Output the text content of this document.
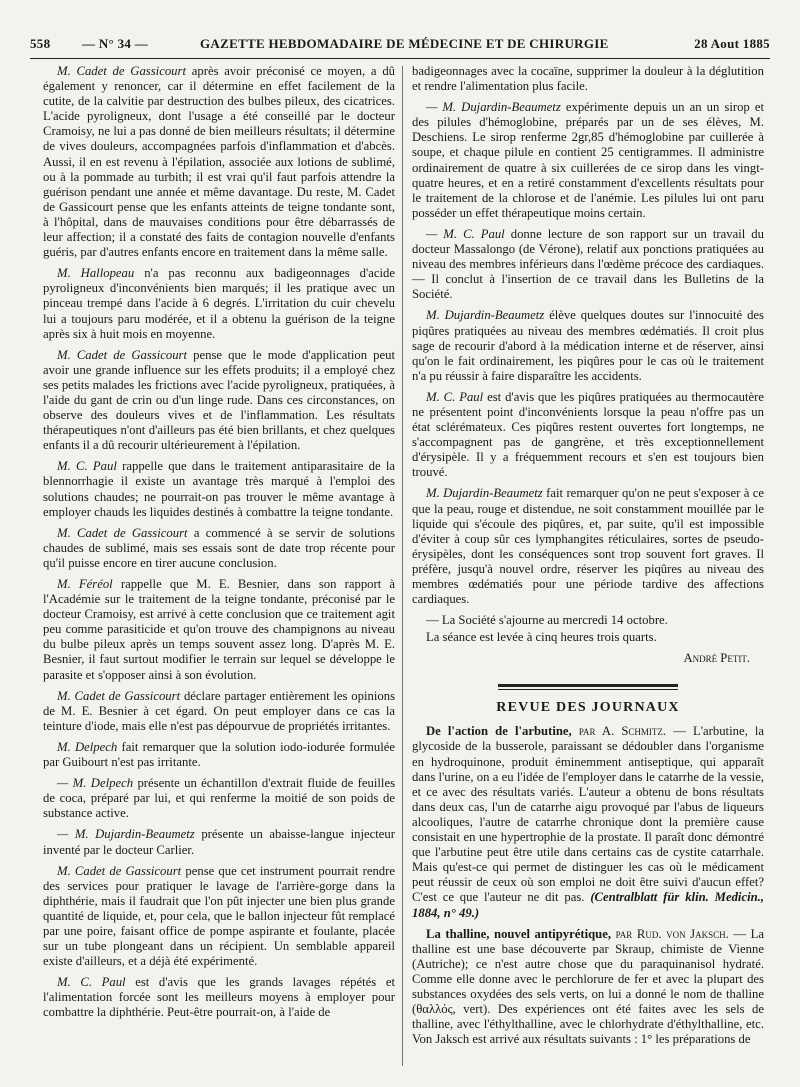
558 — N° 34 —	GAZETTE HEBDOMADAIRE DE MÉDECINE ET DE CHIRURGIE	28 Aout 1885

M. Cadet de Gassicourt après avoir préconisé ce moyen, a dû également y renoncer, car il détermine en effet facilement de la cutite, de la calvitie par destruction des bulbes pileux, des cicatrices. L'acide pyroligneux, dont l'usage a été conseillé par le docteur Cramoisy, ne lui a pas donné de bien meilleurs résultats; il détermine de vives douleurs, accompagnées parfois d'inflammation et d'abcès. Aussi, il en est revenu à l'épilation, associée aux lotions de sublimé, ou à la pommade au turbith; il est vrai qu'il faut parfois attendre la guérison pendant une année et même davantage. Du reste, M. Cadet de Gassicourt pense que les enfants atteints de teigne tondante sont, à l'hôpital, dans de mauvaises conditions pour être débarrassés de leur affection; il a constaté des faits de contagion nouvelle d'enfants guéris, par d'autres enfants encore en traitement dans la même salle.

M. Hallopeau n'a pas reconnu aux badigeonnages d'acide pyroligneux d'inconvénients bien marqués; il les pratique avec un pinceau trempé dans l'acide à 6 degrés. L'irritation du cuir chevelu lui a toujours paru modérée, et il a obtenu la guérison de la teigne après six à huit mois en moyenne.

M. Cadet de Gassicourt pense que le mode d'application peut avoir une grande influence sur les effets produits; il a employé chez ses petits malades les frictions avec l'acide pyroligneux, pratiquées, à l'aide du gant de crin ou d'un linge rude. Dans ces circonstances, on observe des douleurs vives et de l'inflammation. Les résultats thérapeutiques n'ont d'ailleurs pas été bien brillants, et chez quelques enfants il a dû recourir ultérieurement à l'épilation.

M. C. Paul rappelle que dans le traitement antiparasitaire de la blennorrhagie il existe un avantage très marqué à l'emploi des solutions chaudes; ne pourrait-on pas trouver le même avantage à employer chauds les liquides destinés à combattre la teigne tondante.

M. Cadet de Gassicourt a commencé à se servir de solutions chaudes de sublimé, mais ses essais sont de date trop récente pour qu'il puisse encore en tirer aucune conclusion.

M. Féréol rappelle que M. E. Besnier, dans son rapport à l'Académie sur le traitement de la teigne tondante, préconisé par le docteur Cramoisy, est arrivé à cette conclusion que ce traitement agit peu comme parasiticide et qu'on trouve des champignons au niveau du bulbe pileux après un temps souvent assez long. D'après M. E. Besnier, il faut surtout modifier le terrain sur lequel se développe le parasite et s'opposer ainsi à son évolution.

M. Cadet de Gassicourt déclare partager entièrement les opinions de M. E. Besnier à cet égard. On peut employer dans ce cas la teinture d'iode, mais elle n'est pas dépourvue de propriétés irritantes.

M. Delpech fait remarquer que la solution iodo-iodurée formulée par Guibourt n'est pas irritante.

— M. Delpech présente un échantillon d'extrait fluide de feuilles de coca, préparé par lui, et qui renferme la moitié de son poids de substance active.

— M. Dujardin-Beaumetz présente un abaisse-langue injecteur inventé par le docteur Carlier.

M. Cadet de Gassicourt pense que cet instrument pourrait rendre des services pour pratiquer le lavage de l'arrière-gorge dans la diphthérie, mais il faudrait que l'on pût injecter une bien plus grande quantité de liquide, et, pour cela, que le ballon injecteur fût remplacé par une poire, faisant office de pompe aspirante et foulante, placée sur un tube plongeant dans un récipient. Un semblable appareil existe d'ailleurs, et a déjà été expérimenté.

M. C. Paul est d'avis que les grands lavages répétés et l'alimentation forcée sont les meilleurs moyens à employer pour combattre la diphthérie. Peut-être pourrait-on, à l'aide de

badigeonnages avec la cocaïne, supprimer la douleur à la déglutition et rendre l'alimentation plus facile.

— M. Dujardin-Beaumetz expérimente depuis un an un sirop et des pilules d'hémoglobine, préparés par un de ses élèves, M. Deschiens. Le sirop renferme 2gr,85 d'hémoglobine par cuillerée à soupe, et chaque pilule en contient 25 centigrammes. Il administre ordinairement de quatre à six cuillerées de ce sirop dans les vingt-quatre heures, et en a retiré constamment d'excellents résultats pour le traitement de la chlorose et de l'anémie. Les pilules lui ont paru posséder un effet thérapeutique moins certain.

— M. C. Paul donne lecture de son rapport sur un travail du docteur Massalongo (de Vérone), relatif aux ponctions pratiquées au niveau des membres inférieurs dans l'œdème précoce des cardiaques. — Il conclut à l'insertion de ce travail dans les Bulletins de la Société.

M. Dujardin-Beaumetz élève quelques doutes sur l'innocuité des piqûres pratiquées au niveau des membres œdématiés. Il croit plus sage de recourir d'abord à la médication interne et de réserver, ainsi qu'on le fait ordinairement, les piqûres pour le cas où le traitement n'a pu réussir à faire disparaître les accidents.

M. C. Paul est d'avis que les piqûres pratiquées au thermocautère ne présentent point d'inconvénients lorsque la peau n'offre pas un état sclérémateux. Ces piqûres restent ouvertes fort longtemps, ne s'accompagnent pas de gangrène, et très exceptionnellement d'érysipèle. Il y a fréquemment recours et s'en est toujours bien trouvé.

M. Dujardin-Beaumetz fait remarquer qu'on ne peut s'exposer à ce que la peau, rouge et distendue, ne soit constamment mouillée par le liquide qui s'écoule des piqûres, et, par suite, qu'il est impossible d'éviter à coup sûr ces lymphangites réticulaires, sortes de pseudo-érysipèles, dont les conséquences sont trop souvent fort graves. Il préfère, jusqu'à nouvel ordre, réserver les piqûres au niveau des membres œdématiés pour une période tardive des affections cardiaques.

— La Société s'ajourne au mercredi 14 octobre.

La séance est levée à cinq heures trois quarts.

André Petit.
REVUE DES JOURNAUX

De l'action de l'arbutine, par A. Schmitz. — L'arbutine, la glycoside de la busserole, paraissant se dédoubler dans l'organisme en hydroquinone, produit éminemment antiseptique, qui apparaît dans l'urine, on a eu l'idée de l'employer dans le catarrhe de la vessie, et ce avec des résultats variés. L'auteur a obtenu de bons résultats dans deux cas, l'un de catarrhe aigu provoqué par l'abus de liqueurs alcooliques, l'autre de catarrhe chronique dont la première cause consistait en une hypertrophie de la prostate. Il paraît donc démontré que l'arbutine peut être utile dans certains cas de cystite catarrhale. Mais qu'est-ce qui permet de distinguer les cas où le médicament peut réussir de ceux où son emploi ne doit être suivi d'aucun effet? C'est ce que l'auteur ne dit pas. (Centralblatt für klin. Medicin., 1884, n° 49.)

La thalline, nouvel antipyrétique, par Rud. von Jaksch. — La thalline est une base découverte par Skraup, chimiste de Vienne (Autriche); ce n'est autre chose que du paraquinanisol hydraté. Comme elle donne avec le perchlorure de fer et avec la plupart des substances oxydées des sels verts, on lui a donné le nom de thalline (θαλλός, vert). Des expériences ont été faites avec les sels de thalline, avec l'éthylthalline, avec le chlorhydrate d'éthylthalline, etc. Von Jaksch est arrivé aux résultats suivants : 1° les préparations de
